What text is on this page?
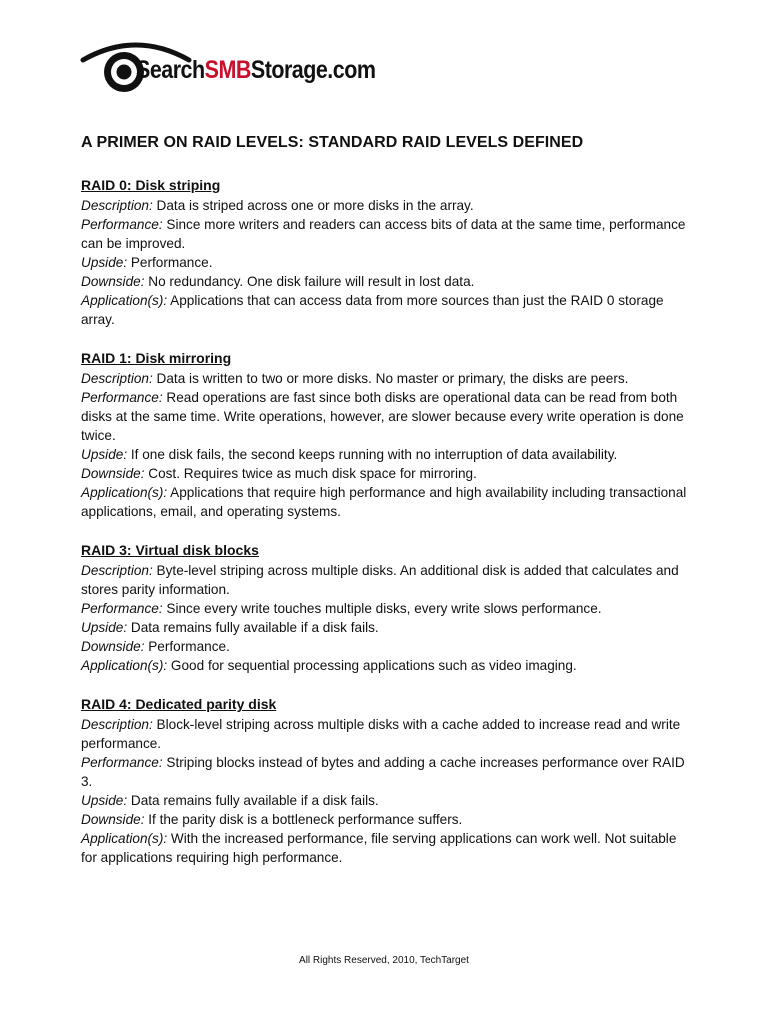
SearchSMBStorage.com
A PRIMER ON RAID LEVELS: STANDARD RAID LEVELS DEFINED
RAID 0: Disk striping

Description: Data is striped across one or more disks in the array.

Performance: Since more writers and readers can access bits of data at the same time, performance can be improved.

Upside: Performance.

Downside: No redundancy. One disk failure will result in lost data.

Application(s): Applications that can access data from more sources than just the RAID 0 storage array.

RAID 1: Disk mirroring

Description: Data is written to two or more disks. No master or primary, the disks are peers.

Performance: Read operations are fast since both disks are operational data can be read from both disks at the same time. Write operations, however, are slower because every write operation is done twice.

Upside: If one disk fails, the second keeps running with no interruption of data availability.

Downside: Cost. Requires twice as much disk space for mirroring.

Application(s): Applications that require high performance and high availability including transactional applications, email, and operating systems.

RAID 3: Virtual disk blocks

Description: Byte-level striping across multiple disks. An additional disk is added that calculates and stores parity information.

Performance: Since every write touches multiple disks, every write slows performance.

Upside: Data remains fully available if a disk fails.

Downside: Performance.

Application(s): Good for sequential processing applications such as video imaging.

RAID 4: Dedicated parity disk

Description: Block-level striping across multiple disks with a cache added to increase read and write performance.

Performance: Striping blocks instead of bytes and adding a cache increases performance over RAID 3.

Upside: Data remains fully available if a disk fails.

Downside: If the parity disk is a bottleneck performance suffers.

Application(s): With the increased performance, file serving applications can work well. Not suitable for applications requiring high performance.

All Rights Reserved, 2010, TechTarget
